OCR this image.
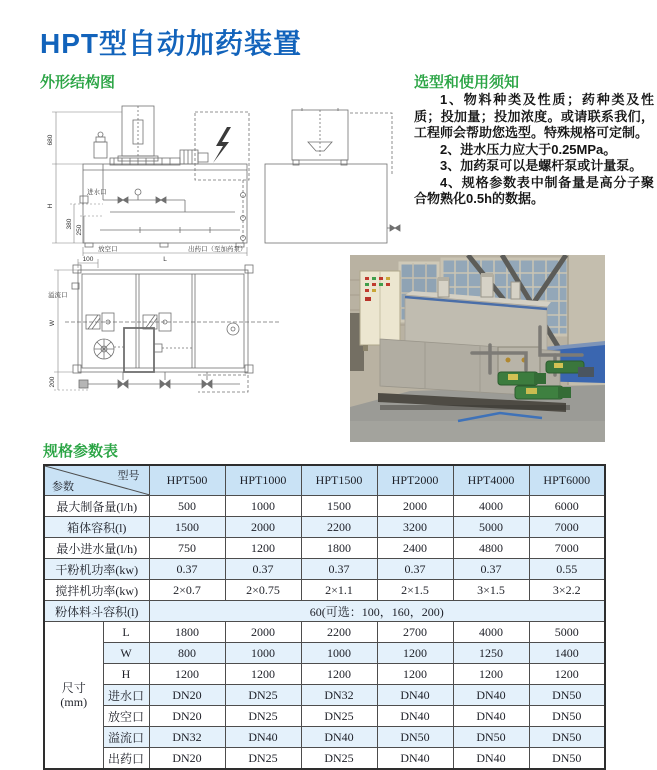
HPT型自动加药装置
外形结构图	选型和使用须知

1、物料种类及性质；药种类及性质；投加量；投加浓度。或请联系我们，工程师会帮助您选型。特殊规格可定制。

2、进水压力应大于0.25MPa。

3、加药泵可以是螺杆泵或计量泵。

4、规格参数表中制备量是高分子聚合物熟化0.5h的数据。

680
H
380
250
L
进水口
放空口	出药口（至加药泵）
100
溢流口
W
200
规格参数表
型号
参数		HPT500	HPT1000	HPT1500	HPT2000	HPT4000	HPT6000
最大制备量(l/h)		500	1000	1500	2000	4000	6000
箱体容积(l)		1500	2000	2200	3200	5000	7000
最小进水量(l/h)		750	1200	1800	2400	4800	7000
干粉机功率(kw)		0.37	0.37	0.37	0.37	0.37	0.55
搅拌机功率(kw)		2×0.7	2×0.75	2×1.1	2×1.5	3×1.5	3×2.2
粉体料斗容积(l)		60(可选：100，160，200)					

尺寸
(mm)	L	1800	2000	2200	2700	4000	5000
	W	800	1000	1000	1200	1250	1400
	H	1200	1200	1200	1200	1200	1200
	进水口	DN20	DN25	DN32	DN40	DN40	DN50
	放空口	DN20	DN25	DN25	DN40	DN40	DN50
	溢流口	DN32	DN40	DN40	DN50	DN50	DN50
	出药口	DN20	DN25	DN25	DN40	DN40	DN50
